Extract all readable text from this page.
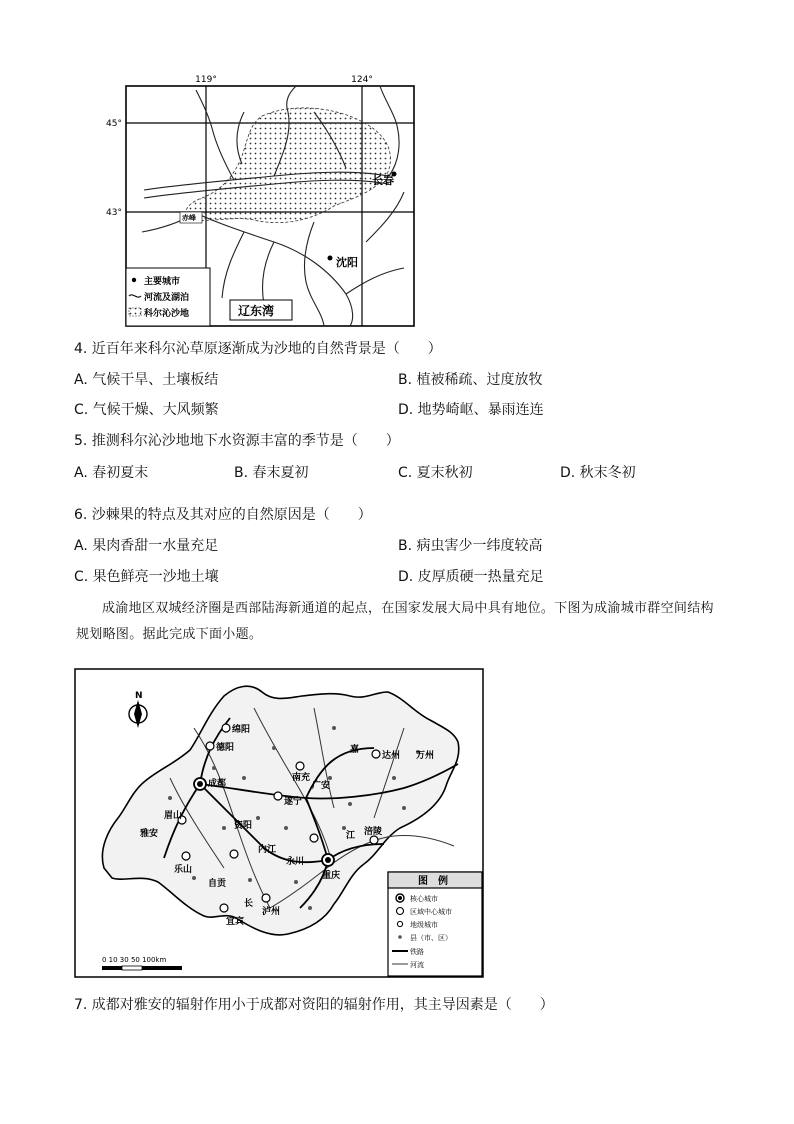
119°	124°
45°
43°
长春
赤峰
沈阳
辽东湾
主要城市
河流及湖泊
科尔沁沙地
4. 近百年来科尔沁草原逐渐成为沙地的自然背景是（　　）
A. 气候干旱、土壤板结	B. 植被稀疏、过度放牧
C. 气候干燥、大风频繁	D. 地势崎岖、暴雨连连
5. 推测科尔沁沙地地下水资源丰富的季节是（　　）
A. 春初夏末	B. 春末夏初	C. 夏末秋初	D. 秋末冬初
6. 沙棘果的特点及其对应的自然原因是（　　）
A. 果肉香甜一水量充足	B. 病虫害少一纬度较高
C. 果色鲜亮一沙地土壤	D. 皮厚质硬一热量充足
成渝地区双城经济圈是西部陆海新通道的起点，在国家发展大局中具有地位。下图为成渝城市群空间结构规划略图。据此完成下面小题。
N
绵阳
德阳
成都
眉山
雅安
资阳
遂宁
南充
广安
达州 万州
嘉
乐山
内江
永川
自贡
宜宾
泸州
长
重庆
涪陵
江
图　例
核心城市
区域中心城市
地级城市
县（市、区）
铁路
河流
0 10 30 50 100km
7. 成都对雅安的辐射作用小于成都对资阳的辐射作用，其主导因素是（　　）
